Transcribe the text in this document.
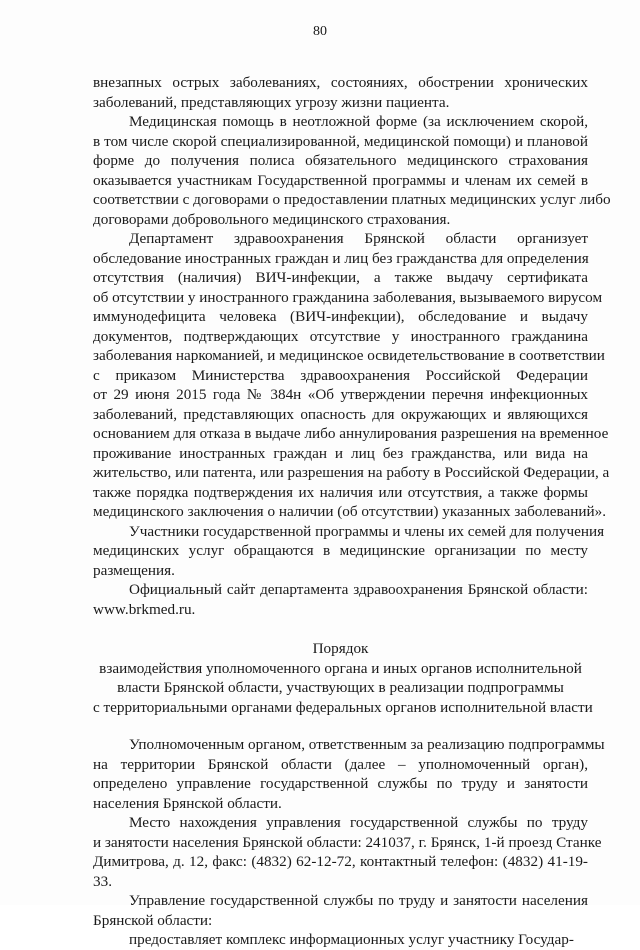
80
внезапных острых заболеваниях, состояниях, обострении хронических
заболеваний, представляющих угрозу жизни пациента.
Медицинская помощь в неотложной форме (за исключением скорой,
в том числе скорой специализированной, медицинской помощи) и плановой
форме до получения полиса обязательного медицинского страхования
оказывается участникам Государственной программы и членам их семей в
соответствии с договорами о предоставлении платных медицинских услуг либо
договорами добровольного медицинского страхования.
Департамент здравоохранения Брянской области организует
обследование иностранных граждан и лиц без гражданства для определения
отсутствия (наличия) ВИЧ-инфекции, а также выдачу сертификата
об отсутствии у иностранного гражданина заболевания, вызываемого вирусом
иммунодефицита человека (ВИЧ-инфекции), обследование и выдачу
документов, подтверждающих отсутствие у иностранного гражданина
заболевания наркоманией, и медицинское освидетельствование в соответствии
с приказом Министерства здравоохранения Российской Федерации
от 29 июня 2015 года № 384н «Об утверждении перечня инфекционных
заболеваний, представляющих опасность для окружающих и являющихся
основанием для отказа в выдаче либо аннулирования разрешения на временное
проживание иностранных граждан и лиц без гражданства, или вида на
жительство, или патента, или разрешения на работу в Российской Федерации, а
также порядка подтверждения их наличия или отсутствия, а также формы
медицинского заключения о наличии (об отсутствии) указанных заболеваний».
Участники государственной программы и члены их семей для получения
медицинских услуг обращаются в медицинские организации по месту
размещения.
Официальный сайт департамента здравоохранения Брянской области:
www.brkmed.ru.
Порядок
взаимодействия уполномоченного органа и иных органов исполнительной
власти Брянской области, участвующих в реализации подпрограммы
с территориальными органами федеральных органов исполнительной власти
Уполномоченным органом, ответственным за реализацию подпрограммы
на территории Брянской области (далее – уполномоченный орган),
определено управление государственной службы по труду и занятости
населения Брянской области.
Место нахождения управления государственной службы по труду
и занятости населения Брянской области: 241037, г. Брянск, 1-й проезд Станке
Димитрова, д. 12, факс: (4832) 62-12-72, контактный телефон: (4832) 41-19-
33.
Управление государственной службы по труду и занятости населения
Брянской области:
предоставляет комплекс информационных услуг участнику Государ-
